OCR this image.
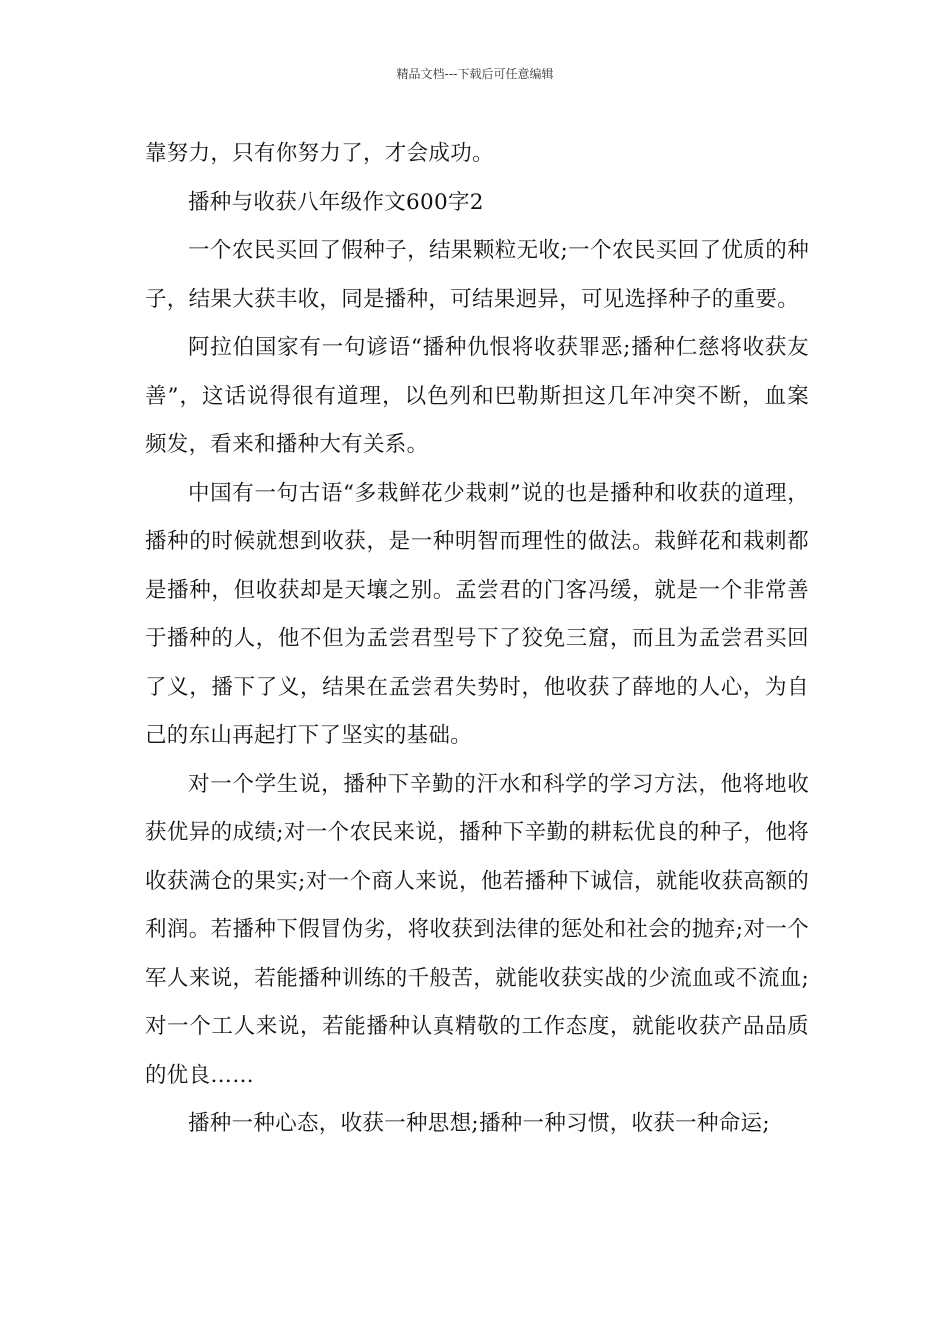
精品文档---下载后可任意编辑

靠努力，只有你努力了，才会成功。

播种与收获八年级作文600字2

一个农民买回了假种子，结果颗粒无收;一个农民买回了优质的种子，结果大获丰收，同是播种，可结果迥异，可见选择种子的重要。

阿拉伯国家有一句谚语“播种仇恨将收获罪恶;播种仁慈将收获友善”，这话说得很有道理，以色列和巴勒斯担这几年冲突不断，血案频发，看来和播种大有关系。

中国有一句古语“多栽鲜花少栽刺”说的也是播种和收获的道理，播种的时候就想到收获，是一种明智而理性的做法。栽鲜花和栽刺都是播种，但收获却是天壤之别。孟尝君的门客冯缓，就是一个非常善于播种的人，他不但为孟尝君型号下了狡免三窟，而且为孟尝君买回了义，播下了义，结果在孟尝君失势时，他收获了薛地的人心，为自己的东山再起打下了坚实的基础。

对一个学生说，播种下辛勤的汗水和科学的学习方法，他将地收获优异的成绩;对一个农民来说，播种下辛勤的耕耘优良的种子，他将收获满仓的果实;对一个商人来说，他若播种下诚信，就能收获高额的利润。若播种下假冒伪劣，将收获到法律的惩处和社会的抛弃;对一个军人来说，若能播种训练的千般苦，就能收获实战的少流血或不流血;对一个工人来说，若能播种认真精敬的工作态度，就能收获产品品质的优良……

播种一种心态，收获一种思想;播种一种习惯，收获一种命运;
